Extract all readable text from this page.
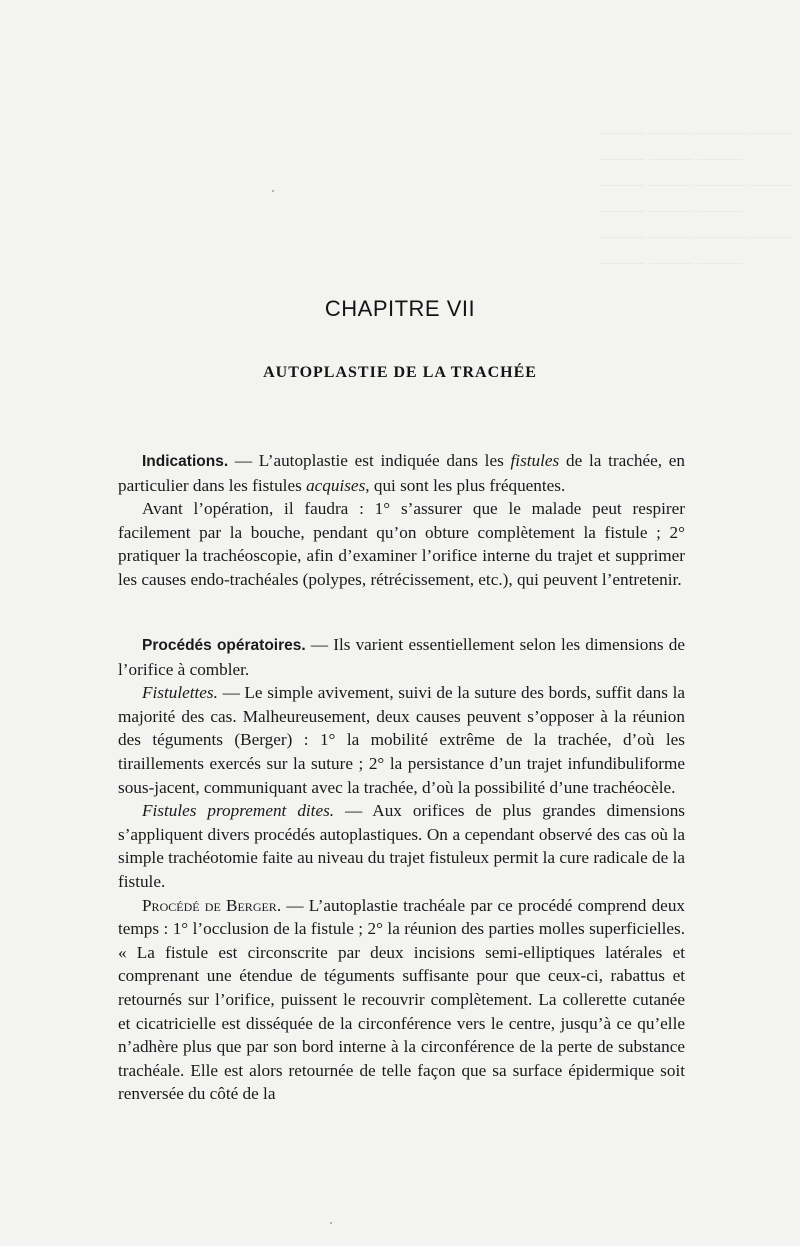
——— ——— ——— ———
——— ——— ———
——— ——— ——— ———
——— ——— ———
——— ——— ——— ———
——— ——— ———
CHAPITRE VII
AUTOPLASTIE DE LA TRACHÉE

Indications. — L’autoplastie est indiquée dans les fistules de la trachée, en particulier dans les fistules acquises, qui sont les plus fréquentes.

Avant l’opération, il faudra : 1° s’assurer que le malade peut respirer facilement par la bouche, pendant qu’on obture complètement la fistule ; 2° pratiquer la trachéoscopie, afin d’examiner l’orifice interne du trajet et supprimer les causes endo-trachéales (polypes, rétrécissement, etc.), qui peuvent l’entretenir.

Procédés opératoires. — Ils varient essentiellement selon les dimensions de l’orifice à combler.

Fistulettes. — Le simple avivement, suivi de la suture des bords, suffit dans la majorité des cas. Malheureusement, deux causes peuvent s’opposer à la réunion des téguments (Berger) : 1° la mobilité extrême de la trachée, d’où les tiraillements exercés sur la suture ; 2° la persistance d’un trajet infundibuliforme sous-jacent, communiquant avec la trachée, d’où la possibilité d’une trachéocèle.

Fistules proprement dites. — Aux orifices de plus grandes dimensions s’appliquent divers procédés autoplastiques. On a cependant observé des cas où la simple trachéotomie faite au niveau du trajet fistuleux permit la cure radicale de la fistule.

Procédé de Berger. — L’autoplastie trachéale par ce procédé comprend deux temps : 1° l’occlusion de la fistule ; 2° la réunion des parties molles superficielles. « La fistule est circonscrite par deux incisions semi-elliptiques latérales et comprenant une étendue de téguments suffisante pour que ceux-ci, rabattus et retournés sur l’orifice, puissent le recouvrir complètement. La collerette cutanée et cicatricielle est disséquée de la circonférence vers le centre, jusqu’à ce qu’elle n’adhère plus que par son bord interne à la circonférence de la perte de substance trachéale. Elle est alors retournée de telle façon que sa surface épidermique soit renversée du côté de la
